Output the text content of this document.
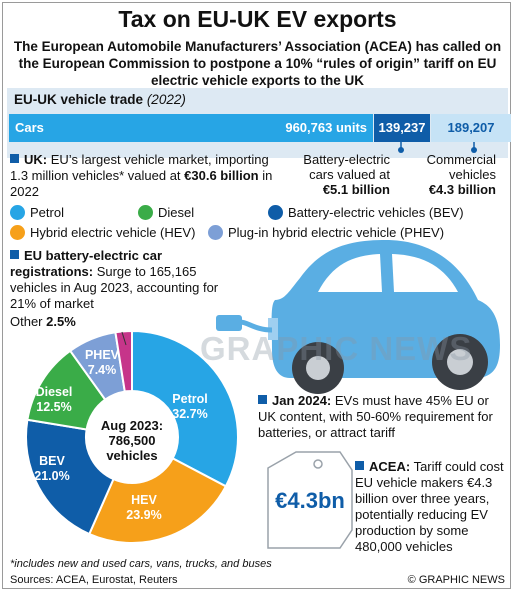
Tax on EU-UK EV exports
The European Automobile Manufacturers’ Association (ACEA) has called on the European Commission to postpone a 10% “rules of origin” tariff on EU electric vehicle exports to the UK
EU-UK vehicle trade (2022)
Cars	960,763 units 139,237	189,207
GRAPHIC NEWS
Battery-electric
cars valued at
€5.1 billion
Commercial
vehicles
€4.3 billion
UK: EU’s largest vehicle market, importing 1.3 million vehicles* valued at €30.6 billion in 2022
Petrol	Diesel	Battery-electric vehicles (BEV)
Hybrid electric vehicle (HEV)	Plug-in hybrid electric vehicle (PHEV)
EU battery-electric car registrations: Surge to 165,165 vehicles in Aug 2023, accounting for 21% of market
Other 2.5%
Petrol
32.7%
HEV
23.9%
BEV
21.0%
Diesel
12.5%
PHEV
7.4%
Aug 2023:
786,500
vehicles
Jan 2024: EVs must have 45% EU or UK content, with 50-60% requirement for batteries, or attract tariff
€4.3bn
ACEA: Tariff could cost EU vehicle makers €4.3 billion over three years, potentially reducing EV production by some 480,000 vehicles
*includes new and used cars, vans, trucks, and buses
Sources: ACEA, Eurostat, Reuters	© GRAPHIC NEWS
